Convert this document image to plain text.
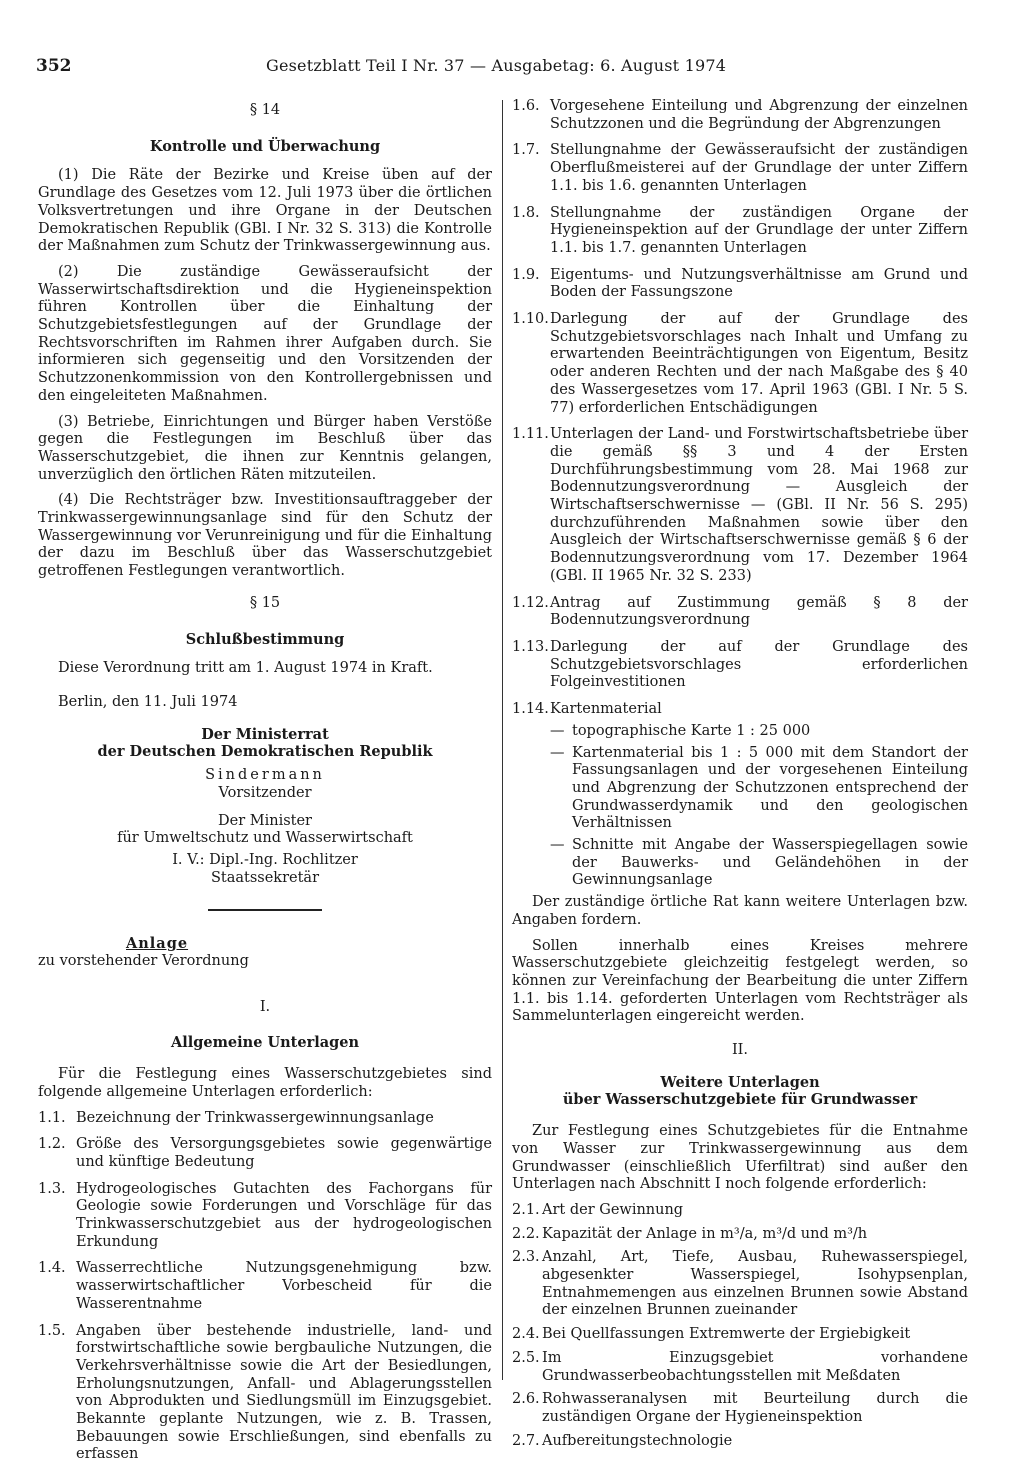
352	Gesetzblatt Teil I Nr. 37 — Ausgabetag: 6. August 1974

§ 14

Kontrolle und Überwachung

(1) Die Räte der Bezirke und Kreise üben auf der Grundlage des Gesetzes vom 12. Juli 1973 über die örtlichen Volksvertretungen und ihre Organe in der Deutschen Demokratischen Republik (GBl. I Nr. 32 S. 313) die Kontrolle der Maßnahmen zum Schutz der Trinkwassergewinnung aus.

(2) Die zuständige Gewässeraufsicht der Wasserwirtschaftsdirektion und die Hygieneinspektion führen Kontrollen über die Einhaltung der Schutzgebietsfestlegungen auf der Grundlage der Rechtsvorschriften im Rahmen ihrer Aufgaben durch. Sie informieren sich gegenseitig und den Vorsitzenden der Schutzzonenkommission von den Kontrollergebnissen und den eingeleiteten Maßnahmen.

(3) Betriebe, Einrichtungen und Bürger haben Verstöße gegen die Festlegungen im Beschluß über das Wasserschutzgebiet, die ihnen zur Kenntnis gelangen, unverzüglich den örtlichen Räten mitzuteilen.

(4) Die Rechtsträger bzw. Investitionsauftraggeber der Trinkwassergewinnungsanlage sind für den Schutz der Wassergewinnung vor Verunreinigung und für die Einhaltung der dazu im Beschluß über das Wasserschutzgebiet getroffenen Festlegungen verantwortlich.

§ 15

Schlußbestimmung

Diese Verordnung tritt am 1. August 1974 in Kraft.

Berlin, den 11. Juli 1974

Der Ministerrat

der Deutschen Demokratischen Republik

Sindermann

Vorsitzender

Der Minister

für Umweltschutz und Wasserwirtschaft

I. V.: Dipl.-Ing. Rochlitzer

Staatssekretär

Anlage

zu vorstehender Verordnung

I.

Allgemeine Unterlagen

Für die Festlegung eines Wasserschutzgebietes sind folgende allgemeine Unterlagen erforderlich:

1.1. Bezeichnung der Trinkwassergewinnungsanlage
1.2. Größe des Versorgungsgebietes sowie gegenwärtige und künftige Bedeutung
1.3. Hydrogeologisches Gutachten des Fachorgans für Geologie sowie Forderungen und Vorschläge für das Trinkwasserschutzgebiet aus der hydrogeologischen Erkundung
1.4. Wasserrechtliche Nutzungsgenehmigung bzw. wasserwirtschaftlicher Vorbescheid für die Wasserentnahme
1.5. Angaben über bestehende industrielle, land- und forstwirtschaftliche sowie bergbauliche Nutzungen, die Verkehrsverhältnisse sowie die Art der Besiedlungen, Erholungsnutzungen, Anfall- und Ablagerungsstellen von Abprodukten und Siedlungsmüll im Einzugsgebiet. Bekannte geplante Nutzungen, wie z. B. Trassen, Bebauungen sowie Erschließungen, sind ebenfalls zu erfassen
1.6. Vorgesehene Einteilung und Abgrenzung der einzelnen Schutzzonen und die Begründung der Abgrenzungen
1.7. Stellungnahme der Gewässeraufsicht der zuständigen Oberflußmeisterei auf der Grundlage der unter Ziffern 1.1. bis 1.6. genannten Unterlagen
1.8. Stellungnahme der zuständigen Organe der Hygieneinspektion auf der Grundlage der unter Ziffern 1.1. bis 1.7. genannten Unterlagen
1.9. Eigentums- und Nutzungsverhältnisse am Grund und Boden der Fassungszone
1.10. Darlegung der auf der Grundlage des Schutzgebietsvorschlages nach Inhalt und Umfang zu erwartenden Beeinträchtigungen von Eigentum, Besitz oder anderen Rechten und der nach Maßgabe des § 40 des Wassergesetzes vom 17. April 1963 (GBl. I Nr. 5 S. 77) erforderlichen Entschädigungen
1.11. Unterlagen der Land- und Forstwirtschaftsbetriebe über die gemäß §§ 3 und 4 der Ersten Durchführungsbestimmung vom 28. Mai 1968 zur Bodennutzungsverordnung — Ausgleich der Wirtschaftserschwernisse — (GBl. II Nr. 56 S. 295) durchzuführenden Maßnahmen sowie über den Ausgleich der Wirtschaftserschwernisse gemäß § 6 der Bodennutzungsverordnung vom 17. Dezember 1964 (GBl. II 1965 Nr. 32 S. 233)
1.12. Antrag auf Zustimmung gemäß § 8 der Bodennutzungsverordnung
1.13. Darlegung der auf der Grundlage des Schutzgebietsvorschlages erforderlichen Folgeinvestitionen
1.14. Kartenmaterial
— topographische Karte 1 : 25 000
— Kartenmaterial bis 1 : 5 000 mit dem Standort der Fassungsanlagen und der vorgesehenen Einteilung und Abgrenzung der Schutzzonen entsprechend der Grundwasserdynamik und den geologischen Verhältnissen
— Schnitte mit Angabe der Wasserspiegellagen sowie der Bauwerks- und Geländehöhen in der Gewinnungsanlage

Der zuständige örtliche Rat kann weitere Unterlagen bzw. Angaben fordern.

Sollen innerhalb eines Kreises mehrere Wasserschutzgebiete gleichzeitig festgelegt werden, so können zur Vereinfachung der Bearbeitung die unter Ziffern 1.1. bis 1.14. geforderten Unterlagen vom Rechtsträger als Sammelunterlagen eingereicht werden.

II.

Weitere Unterlagen

über Wasserschutzgebiete für Grundwasser

Zur Festlegung eines Schutzgebietes für die Entnahme von Wasser zur Trinkwassergewinnung aus dem Grundwasser (einschließlich Uferfiltrat) sind außer den Unterlagen nach Abschnitt I noch folgende erforderlich:

2.1. Art der Gewinnung
2.2. Kapazität der Anlage in m³/a, m³/d und m³/h
2.3. Anzahl, Art, Tiefe, Ausbau, Ruhewasserspiegel, abgesenkter Wasserspiegel, Isohypsenplan, Entnahmemengen aus einzelnen Brunnen sowie Abstand der einzelnen Brunnen zueinander
2.4. Bei Quellfassungen Extremwerte der Ergiebigkeit
2.5. Im Einzugsgebiet vorhandene Grundwasserbeobachtungsstellen mit Meßdaten
2.6. Rohwasseranalysen mit Beurteilung durch die zuständigen Organe der Hygieneinspektion
2.7. Aufbereitungstechnologie
